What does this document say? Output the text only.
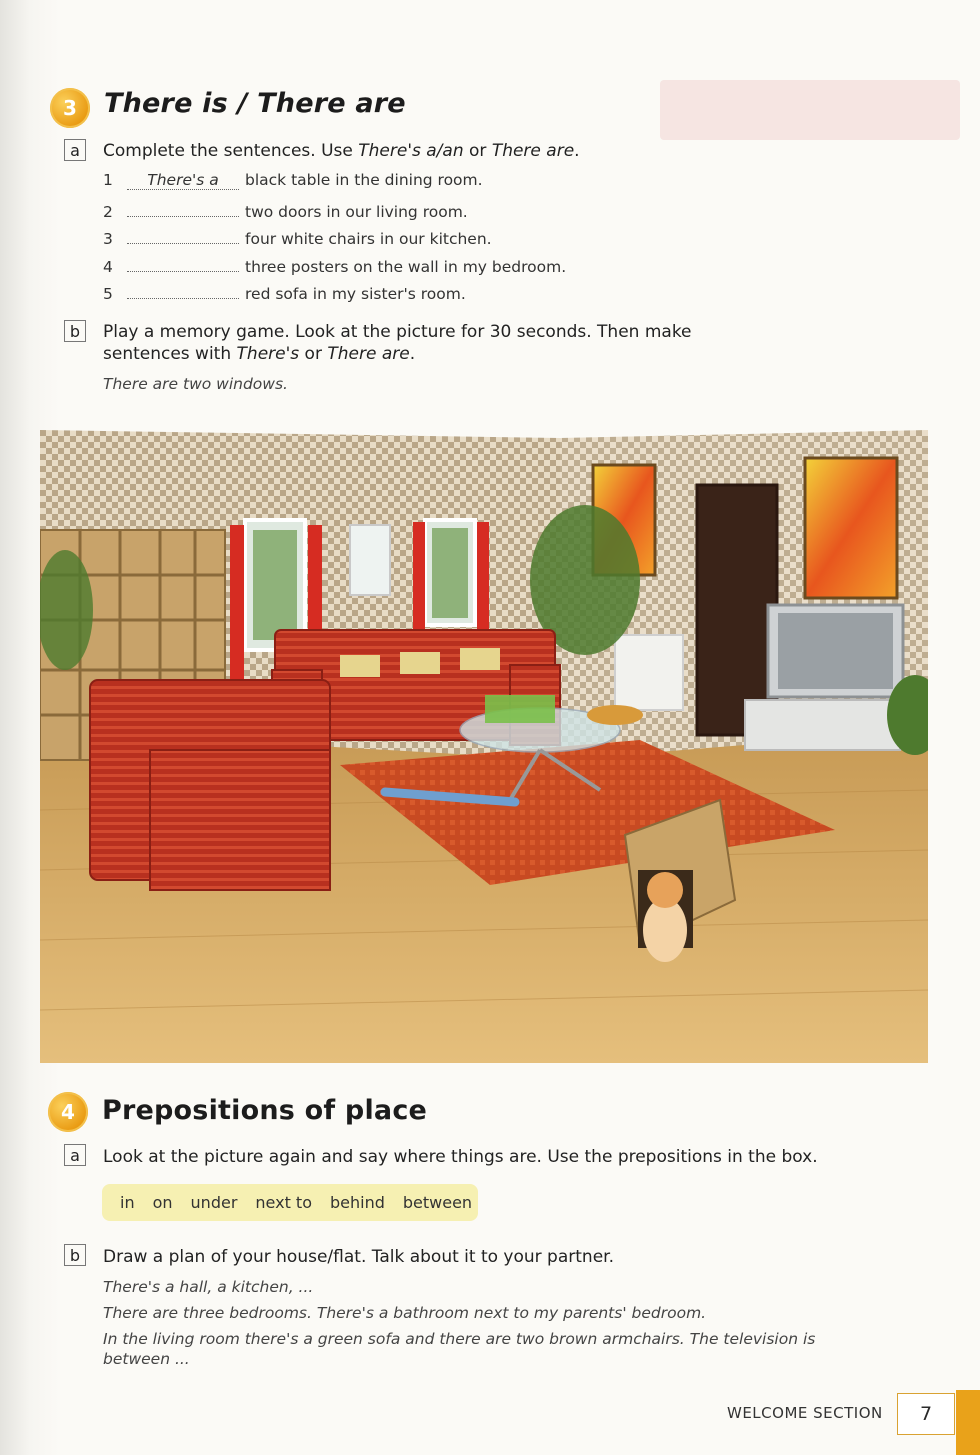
3	There is / There are
a	Complete the sentences. Use There's a/an or There are.
1	There's a	black table in the dining room.
2	two doors in our living room.
3	four white chairs in our kitchen.
4	three posters on the wall in my bedroom.
5	red sofa in my sister's room.
b	Play a memory game. Look at the picture for 30 seconds. Then make
sentences with There's or There are.
There are two windows.
4	Prepositions of place
a	Look at the picture again and say where things are. Use the prepositions in the box.
in on under next to behind between
b	Draw a plan of your house/flat. Talk about it to your partner.
There's a hall, a kitchen, ...
There are three bedrooms. There's a bathroom next to my parents' bedroom.
In the living room there's a green sofa and there are two brown armchairs. The television is
between ...
WELCOME SECTION	7
